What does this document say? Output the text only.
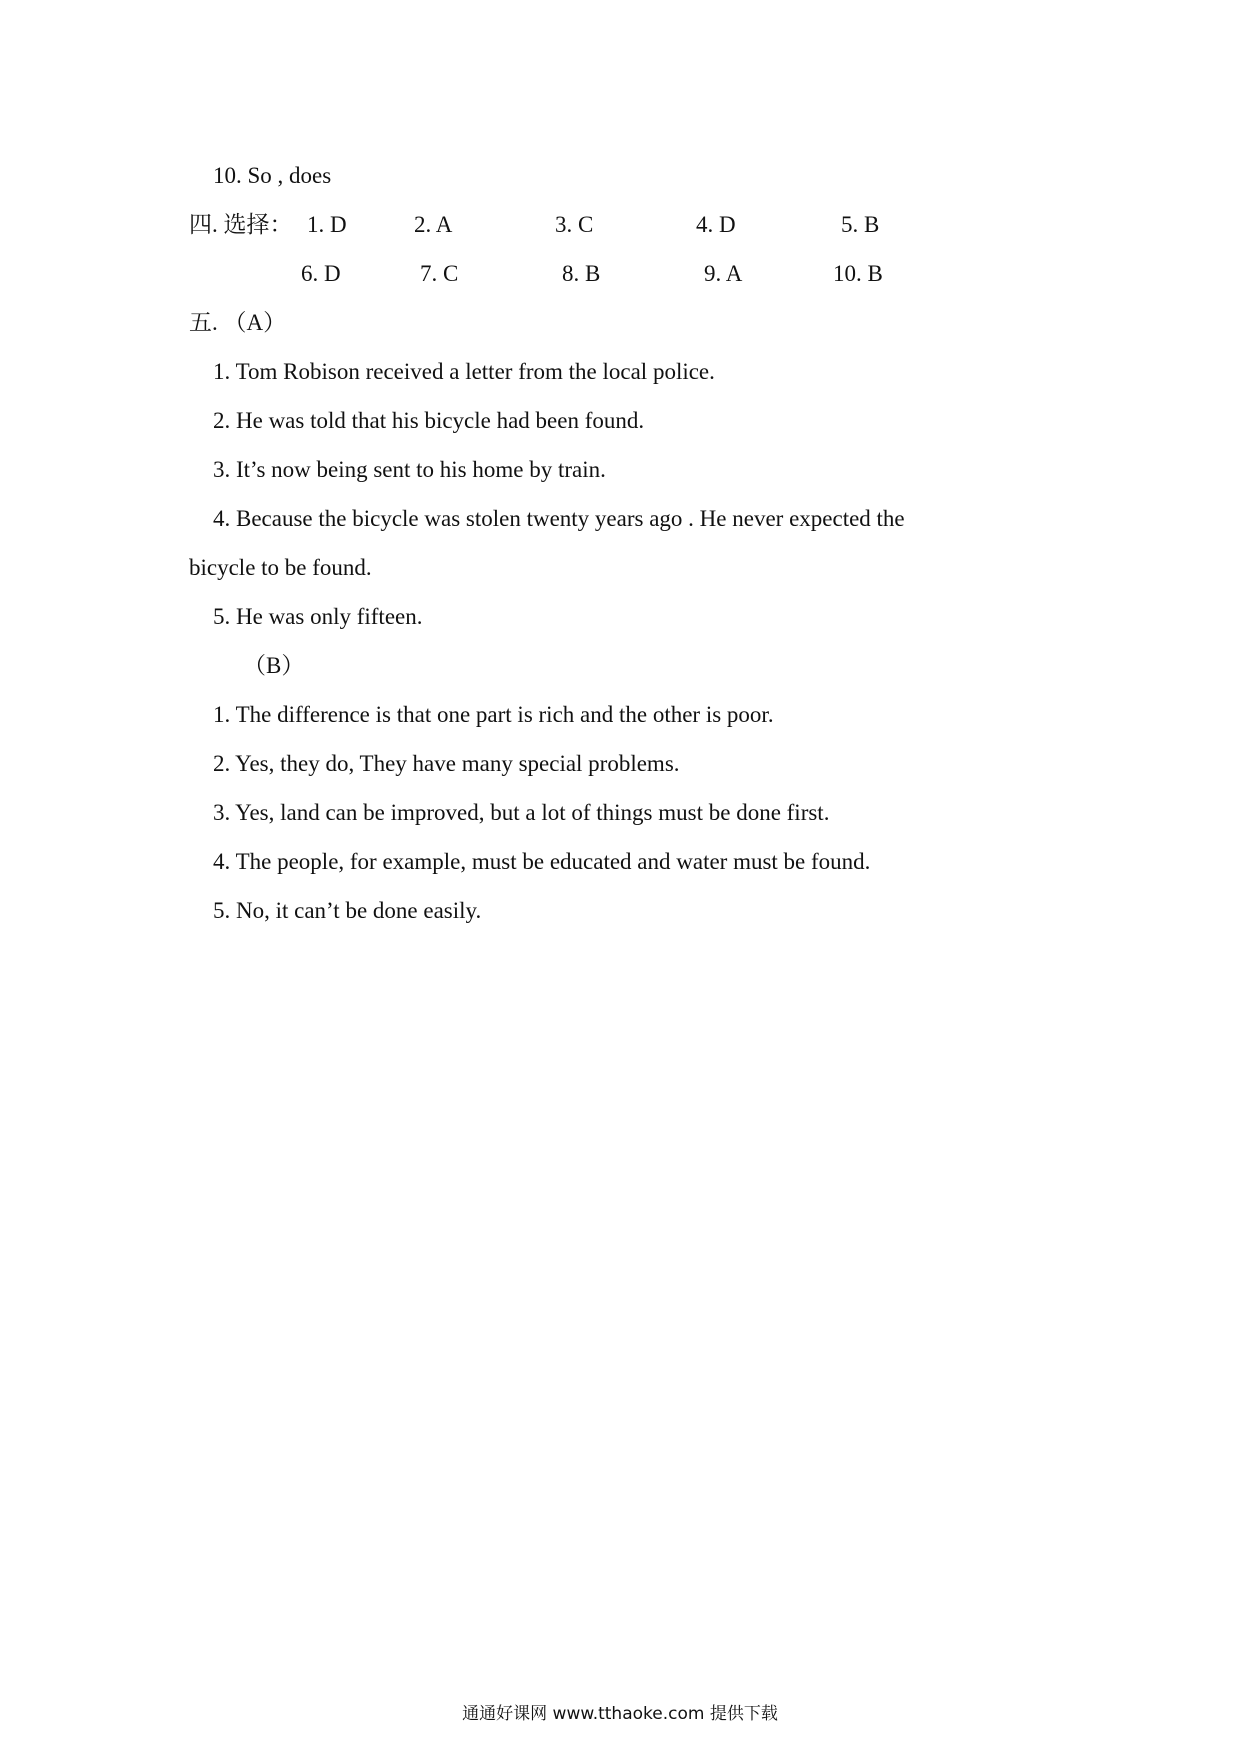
10. So , does
四. 选择： 1. D	2. A	3. C	4. D	5. B
6. D	7. C	8. B	9. A	10. B
五. （A）
1. Tom Robison received a letter from the local police.
2. He was told that his bicycle had been found.
3. It’s now being sent to his home by train.
4. Because the bicycle was stolen twenty years ago . He never expected the
bicycle to be found.
5. He was only fifteen.
（B）
1. The difference is that one part is rich and the other is poor.
2. Yes, they do, They have many special problems.
3. Yes, land can be improved, but a lot of things must be done first.
4. The people, for example, must be educated and water must be found.
5. No, it can’t be done easily.
通通好课网 www.tthaoke.com 提供下载
